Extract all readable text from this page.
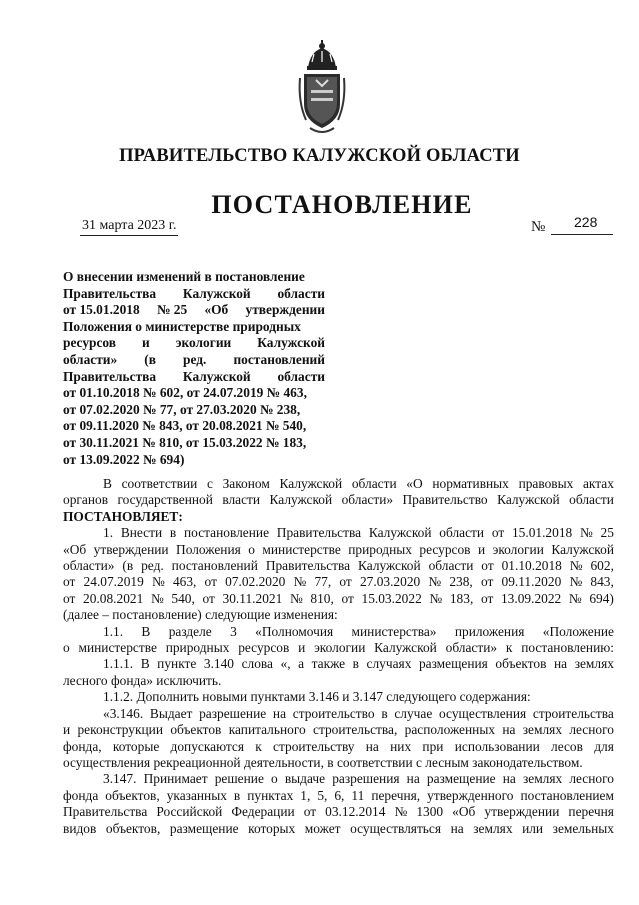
ПРАВИТЕЛЬСТВО КАЛУЖСКОЙ ОБЛАСТИ
ПОСТАНОВЛЕНИЕ
31 марта 2023 г.	№ 228
О внесении изменений в постановление
Правительства Калужской области
от 15.01.2018 № 25 «Об утверждении
Положения о министерстве природных
ресурсов и экологии Калужской
области» (в ред. постановлений
Правительства Калужской области
от 01.10.2018 № 602, от 24.07.2019 № 463,
от 07.02.2020 № 77, от 27.03.2020 № 238,
от 09.11.2020 № 843, от 20.08.2021 № 540,
от 30.11.2021 № 810, от 15.03.2022 № 183,
от 13.09.2022 № 694)
В соответствии с Законом Калужской области «О нормативных правовых актах
органов государственной власти Калужской области» Правительство Калужской области
ПОСТАНОВЛЯЕТ:
1. Внести в постановление Правительства Калужской области от 15.01.2018 № 25
«Об утверждении Положения о министерстве природных ресурсов и экологии Калужской
области» (в ред. постановлений Правительства Калужской области от 01.10.2018 № 602,
от 24.07.2019 № 463, от 07.02.2020 № 77, от 27.03.2020 № 238, от 09.11.2020 № 843,
от 20.08.2021 № 540, от 30.11.2021 № 810, от 15.03.2022 № 183, от 13.09.2022 № 694)
(далее – постановление) следующие изменения:
1.1. В разделе 3 «Полномочия министерства» приложения «Положение
о министерстве природных ресурсов и экологии Калужской области» к постановлению:
1.1.1. В пункте 3.140 слова «, а также в случаях размещения объектов на землях
лесного фонда» исключить.
1.1.2. Дополнить новыми пунктами 3.146 и 3.147 следующего содержания:
«3.146. Выдает разрешение на строительство в случае осуществления строительства
и реконструкции объектов капитального строительства, расположенных на землях лесного
фонда, которые допускаются к строительству на них при использовании лесов для
осуществления рекреационной деятельности, в соответствии с лесным законодательством.
3.147. Принимает решение о выдаче разрешения на размещение на землях лесного
фонда объектов, указанных в пунктах 1, 5, 6, 11 перечня, утвержденного постановлением
Правительства Российской Федерации от 03.12.2014 № 1300 «Об утверждении перечня
видов объектов, размещение которых может осуществляться на землях или земельных
